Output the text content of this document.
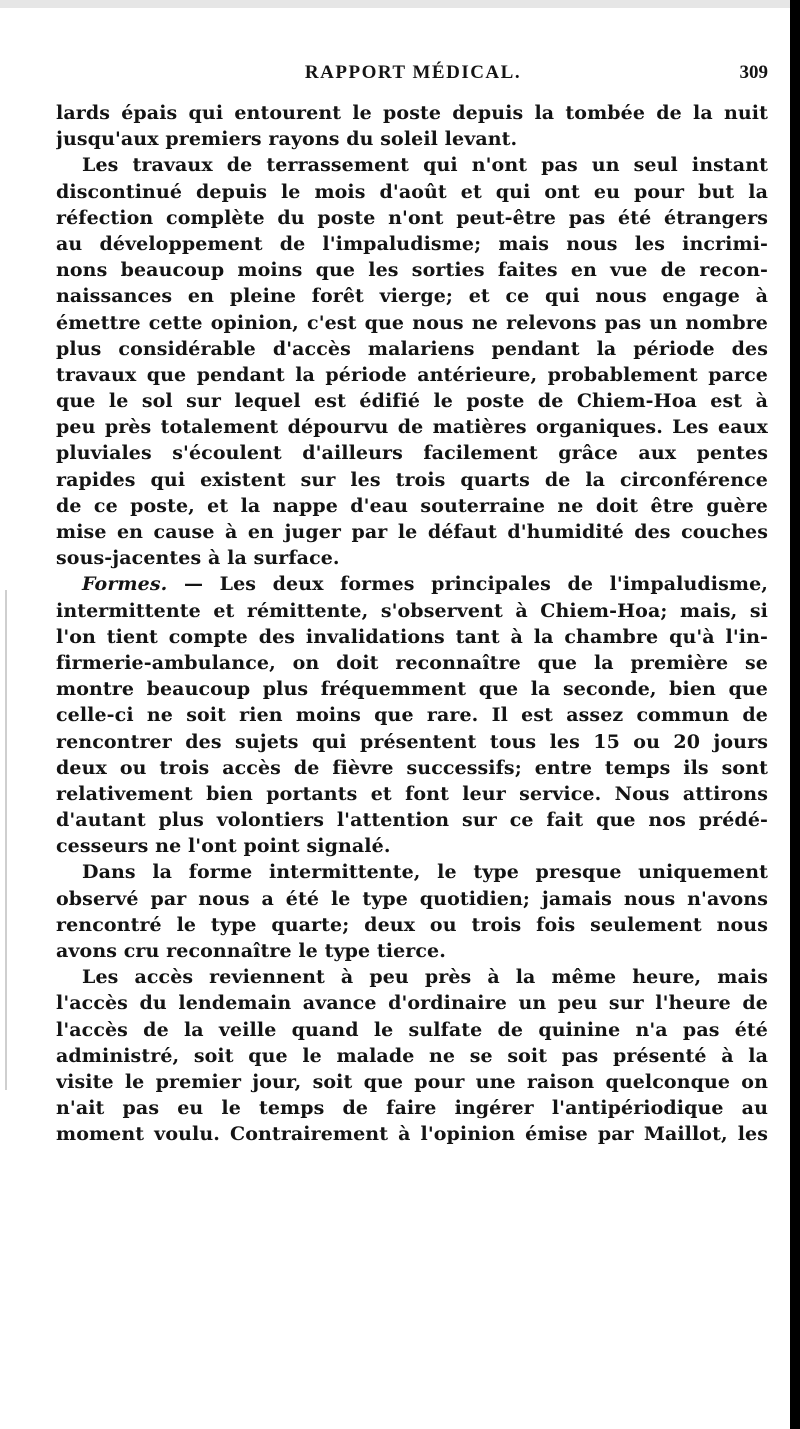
RAPPORT MÉDICAL.	309
lards épais qui entourent le poste depuis la tombée de la nuit
jusqu'aux premiers rayons du soleil levant.
Les travaux de terrassement qui n'ont pas un seul instant
discontinué depuis le mois d'août et qui ont eu pour but la
réfection complète du poste n'ont peut-être pas été étrangers
au développement de l'impaludisme; mais nous les incrimi-
nons beaucoup moins que les sorties faites en vue de recon-
naissances en pleine forêt vierge; et ce qui nous engage à
émettre cette opinion, c'est que nous ne relevons pas un nombre
plus considérable d'accès malariens pendant la période des
travaux que pendant la période antérieure, probablement parce
que le sol sur lequel est édifié le poste de Chiem-Hoa est à
peu près totalement dépourvu de matières organiques. Les eaux
pluviales s'écoulent d'ailleurs facilement grâce aux pentes
rapides qui existent sur les trois quarts de la circonférence
de ce poste, et la nappe d'eau souterraine ne doit être guère
mise en cause à en juger par le défaut d'humidité des couches
sous-jacentes à la surface.
Formes. — Les deux formes principales de l'impaludisme,
intermittente et rémittente, s'observent à Chiem-Hoa; mais, si
l'on tient compte des invalidations tant à la chambre qu'à l'in-
firmerie-ambulance, on doit reconnaître que la première se
montre beaucoup plus fréquemment que la seconde, bien que
celle-ci ne soit rien moins que rare. Il est assez commun de
rencontrer des sujets qui présentent tous les 15 ou 20 jours
deux ou trois accès de fièvre successifs; entre temps ils sont
relativement bien portants et font leur service. Nous attirons
d'autant plus volontiers l'attention sur ce fait que nos prédé-
cesseurs ne l'ont point signalé.
Dans la forme intermittente, le type presque uniquement
observé par nous a été le type quotidien; jamais nous n'avons
rencontré le type quarte; deux ou trois fois seulement nous
avons cru reconnaître le type tierce.
Les accès reviennent à peu près à la même heure, mais
l'accès du lendemain avance d'ordinaire un peu sur l'heure de
l'accès de la veille quand le sulfate de quinine n'a pas été
administré, soit que le malade ne se soit pas présenté à la
visite le premier jour, soit que pour une raison quelconque on
n'ait pas eu le temps de faire ingérer l'antipériodique au
moment voulu. Contrairement à l'opinion émise par Maillot, les
